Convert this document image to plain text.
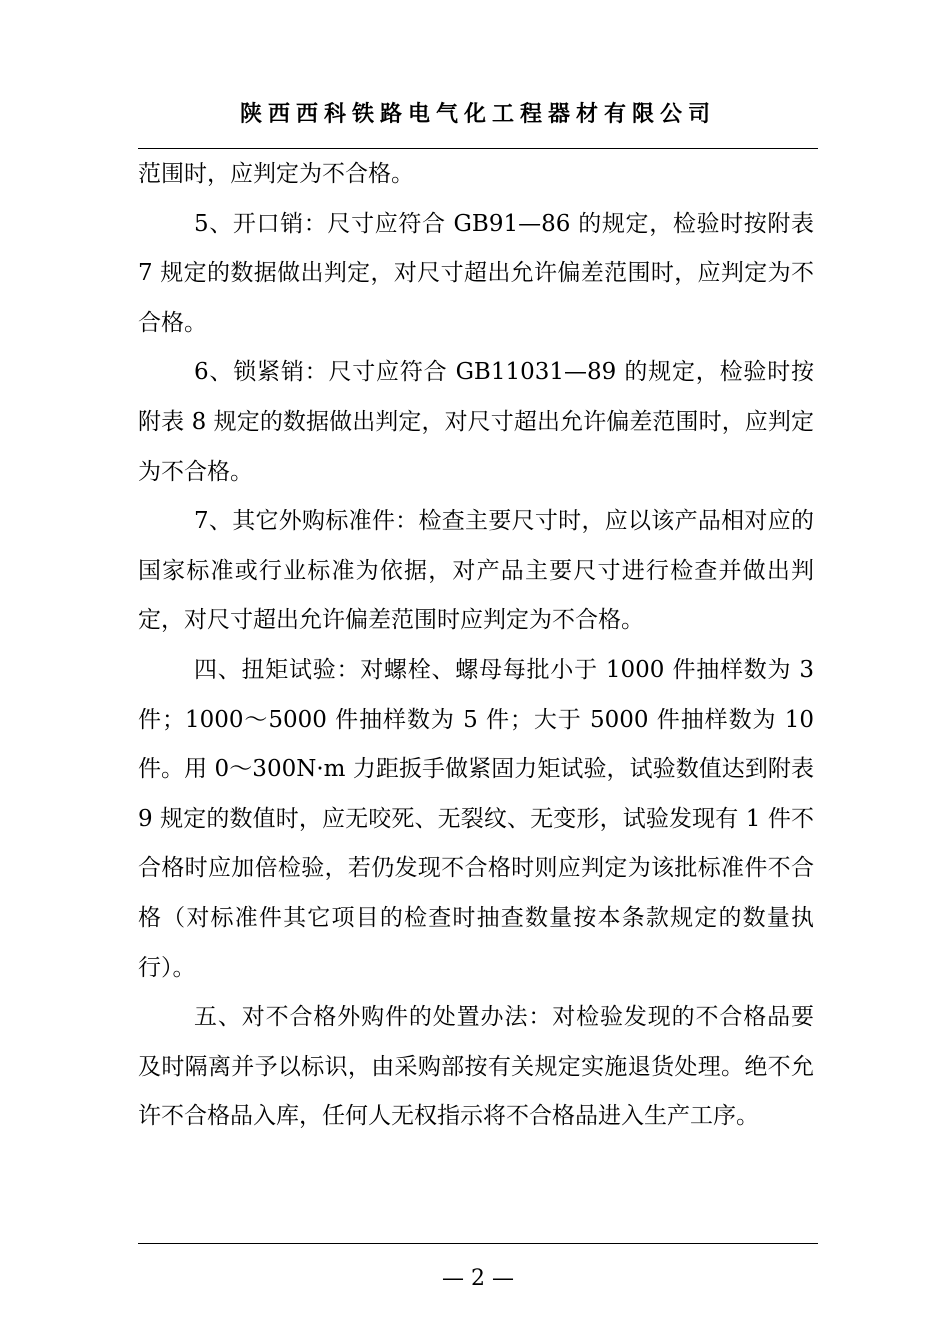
陕西西科铁路电气化工程器材有限公司

范围时，应判定为不合格。

5、开口销：尺寸应符合 GB91—86 的规定，检验时按附表 7 规定的数据做出判定，对尺寸超出允许偏差范围时，应判定为不合格。

6、锁紧销：尺寸应符合 GB11031—89 的规定，检验时按附表 8 规定的数据做出判定，对尺寸超出允许偏差范围时，应判定为不合格。

7、其它外购标准件：检查主要尺寸时，应以该产品相对应的国家标准或行业标准为依据，对产品主要尺寸进行检查并做出判定，对尺寸超出允许偏差范围时应判定为不合格。

四、扭矩试验：对螺栓、螺母每批小于 1000 件抽样数为 3 件；1000～5000 件抽样数为 5 件；大于 5000 件抽样数为 10 件。用 0～300N·m 力距扳手做紧固力矩试验，试验数值达到附表 9 规定的数值时，应无咬死、无裂纹、无变形，试验发现有 1 件不合格时应加倍检验，若仍发现不合格时则应判定为该批标准件不合格（对标准件其它项目的检查时抽查数量按本条款规定的数量执行）。

五、对不合格外购件的处置办法：对检验发现的不合格品要及时隔离并予以标识，由采购部按有关规定实施退货处理。绝不允许不合格品入库，任何人无权指示将不合格品进入生产工序。

— 2 —
